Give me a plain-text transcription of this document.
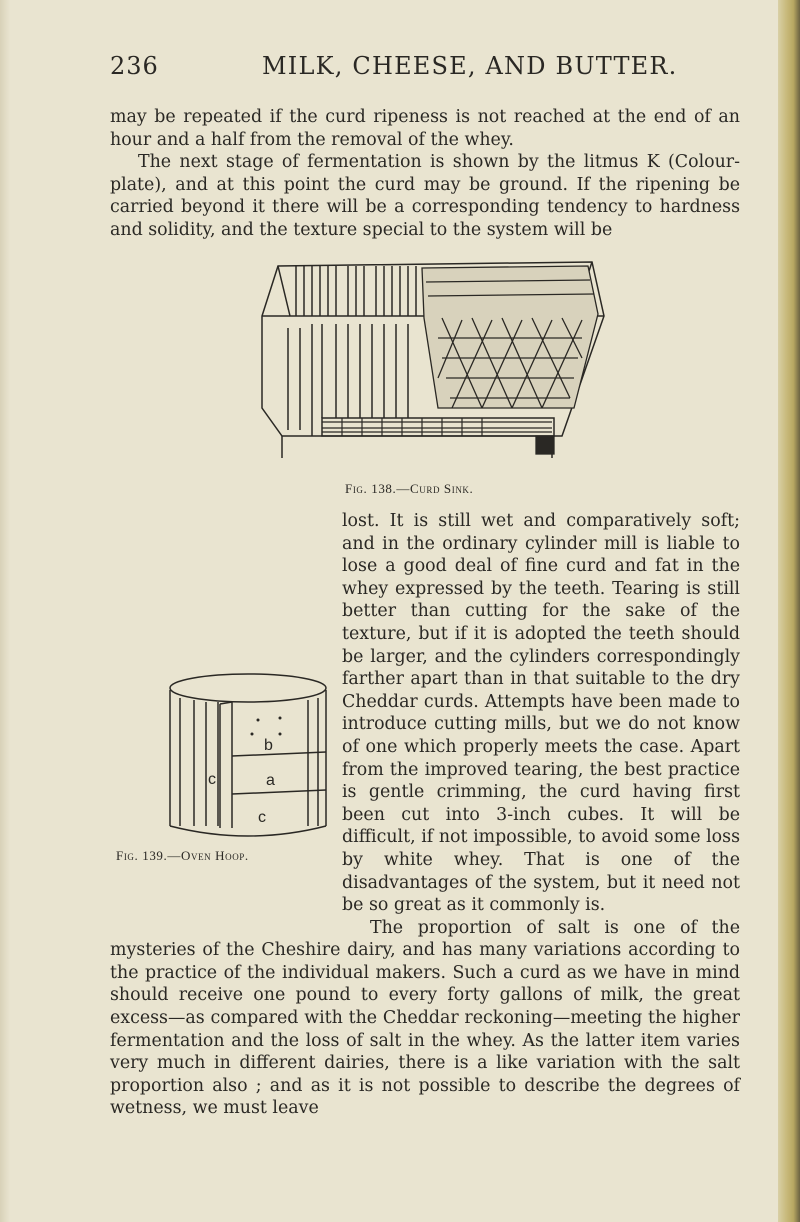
236	MILK, CHEESE, AND BUTTER.

may be repeated if the curd ripeness is not reached at the end of an hour and a half from the removal of the whey.

The next stage of fermentation is shown by the litmus K (Colour-plate), and at this point the curd may be ground. If the ripening be carried beyond it there will be a corresponding tendency to hardness and solidity, and the texture special to the system will be

Fig. 138.—Curd Sink.

lost. It is still wet and comparatively soft; and in the ordinary cylinder mill is liable to lose a good deal of fine curd and fat in the whey expressed by the teeth. Tearing is still better than cutting for the sake of the texture, but if it is adopted the teeth should be larger, and the cylinders correspondingly farther apart than in that suitable to the dry Cheddar curds. Attempts have been made to introduce cutting mills, but we do not know of one which properly meets the case. Apart from the improved tearing, the best practice is gentle crimming, the curd having first been cut into 3-inch cubes. It will be difficult, if not impossible, to avoid some loss by white whey. That is one of the disadvantages of the system, but it need not be so great as it commonly is.

The proportion of salt is one of the mysteries of the Cheshire dairy, and has many variations according to the practice of the individual makers. Such a curd as we have in mind should receive one pound to every forty gallons of milk, the great excess—as compared with the Cheddar reckoning—meeting the higher fermentation and the loss of salt in the whey. As the latter item varies very much in different dairies, there is a like variation with the salt proportion also ; and as it is not possible to describe the degrees of wetness, we must leave

b
a
c
c
Fig. 139.—Oven Hoop.
